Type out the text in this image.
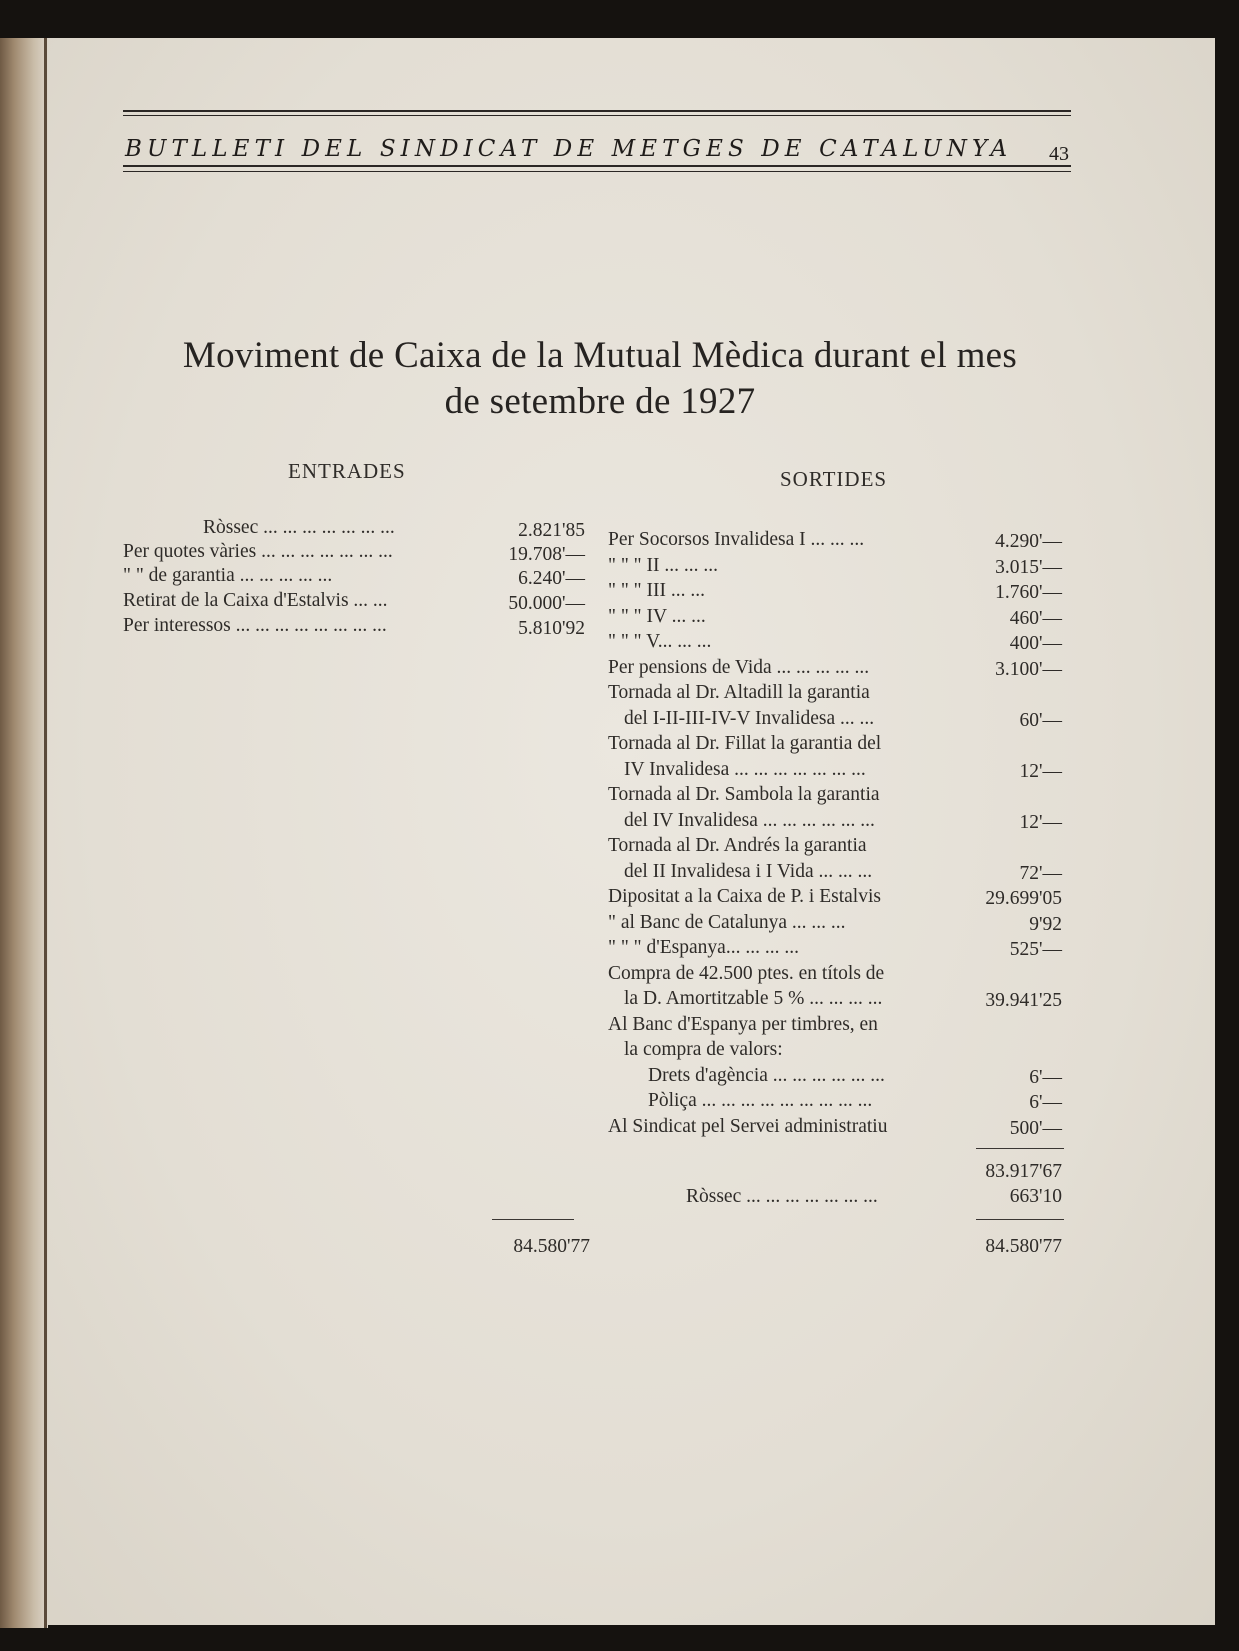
BUTLLETI DEL SINDICAT DE METGES DE CATALUNYA 43
Moviment de Caixa de la Mutual Mèdica durant el mes
de setembre de 1927
ENTRADES	SORTIDES
Ròssec ... ... ... ... ... ... ...	2.821'85
Per quotes vàries ... ... ... ... ... ... ...	19.708'—
" " de garantia ... ... ... ... ...	6.240'—
Retirat de la Caixa d'Estalvis ... ...	50.000'—
Per interessos ... ... ... ... ... ... ... ...	5.810'92
Per Socorsos Invalidesa I ... ... ...	4.290'—
" " " II ... ... ...	3.015'—
" " " III ... ...	1.760'—
" " " IV ... ...	460'—
" " " V... ... ...	400'—
Per pensions de Vida ... ... ... ... ...	3.100'—
Tornada al Dr. Altadill la garantia
del I-II-III-IV-V Invalidesa ... ...	60'—
Tornada al Dr. Fillat la garantia del
IV Invalidesa ... ... ... ... ... ... ...	12'—
Tornada al Dr. Sambola la garantia
del IV Invalidesa ... ... ... ... ... ...	12'—
Tornada al Dr. Andrés la garantia
del II Invalidesa i I Vida ... ... ...	72'—
Dipositat a la Caixa de P. i Estalvis	29.699'05
" al Banc de Catalunya ... ... ...	9'92
" " " d'Espanya... ... ... ...	525'—
Compra de 42.500 ptes. en títols de
la D. Amortitzable 5 % ... ... ... ...	39.941'25
Al Banc d'Espanya per timbres, en
la compra de valors:
Drets d'agència ... ... ... ... ... ...	6'—
Pòliça ... ... ... ... ... ... ... ... ...	6'—
Al Sindicat pel Servei administratiu	500'—
84.580'77
83.917'67
Ròssec ... ... ... ... ... ... ...	663'10
84.580'77
